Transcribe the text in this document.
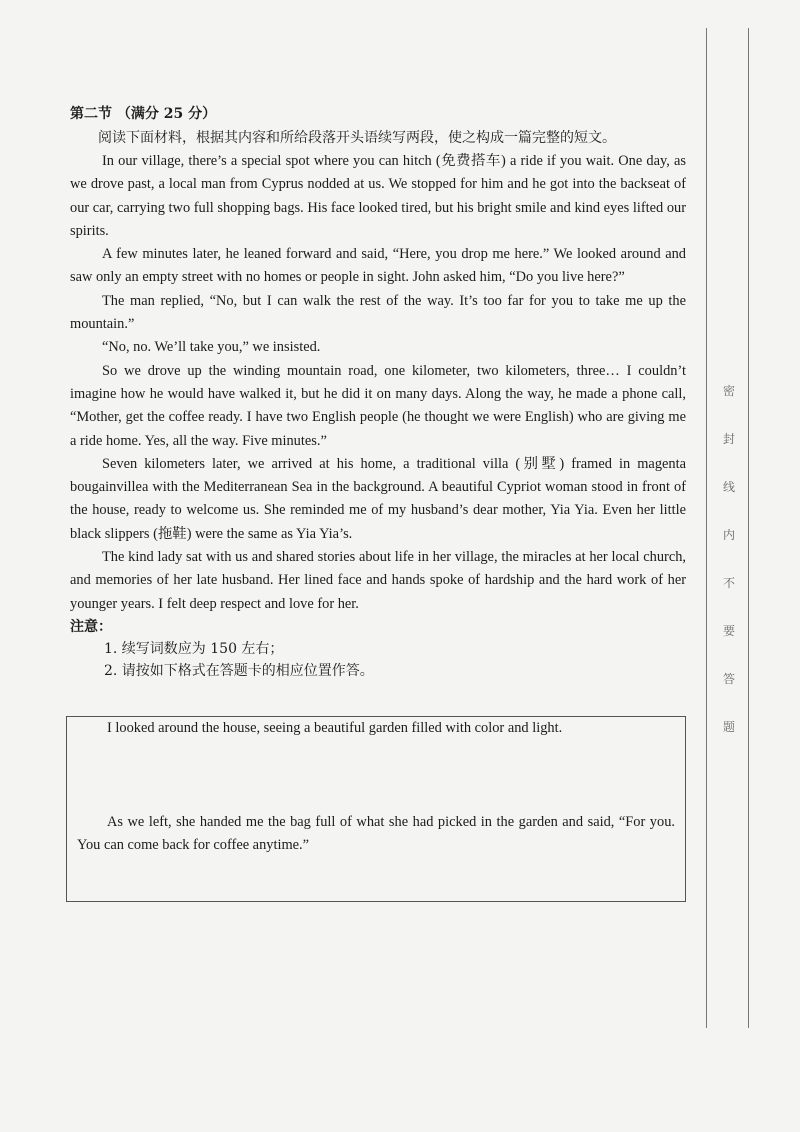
第二节 （满分 25 分）

阅读下面材料，根据其内容和所给段落开头语续写两段，使之构成一篇完整的短文。

In our village, there’s a special spot where you can hitch (免费搭车) a ride if you wait. One day, as we drove past, a local man from Cyprus nodded at us. We stopped for him and he got into the backseat of our car, carrying two full shopping bags. His face looked tired, but his bright smile and kind eyes lifted our spirits.

A few minutes later, he leaned forward and said, “Here, you drop me here.” We looked around and saw only an empty street with no homes or people in sight. John asked him, “Do you live here?”

The man replied, “No, but I can walk the rest of the way. It’s too far for you to take me up the mountain.”

“No, no. We’ll take you,” we insisted.

So we drove up the winding mountain road, one kilometer, two kilometers, three… I couldn’t imagine how he would have walked it, but he did it on many days. Along the way, he made a phone call, “Mother, get the coffee ready. I have two English people (he thought we were English) who are giving me a ride home. Yes, all the way. Five minutes.”

Seven kilometers later, we arrived at his home, a traditional villa (别墅) framed in magenta bougainvillea with the Mediterranean Sea in the background. A beautiful Cypriot woman stood in front of the house, ready to welcome us. She reminded me of my husband’s dear mother, Yia Yia. Even her little black slippers (拖鞋) were the same as Yia Yia’s.

The kind lady sat with us and shared stories about life in her village, the miracles at her local church, and memories of her late husband. Her lined face and hands spoke of hardship and the hard work of her younger years. I felt deep respect and love for her.

注意：

1. 续写词数应为 150 左右；

2. 请按如下格式在答题卡的相应位置作答。

I looked around the house, seeing a beautiful garden filled with color and light.

As we left, she handed me the bag full of what she had picked in the garden and said, “For you. You can come back for coffee anytime.”

密
封
线
内
不
要
答
题
